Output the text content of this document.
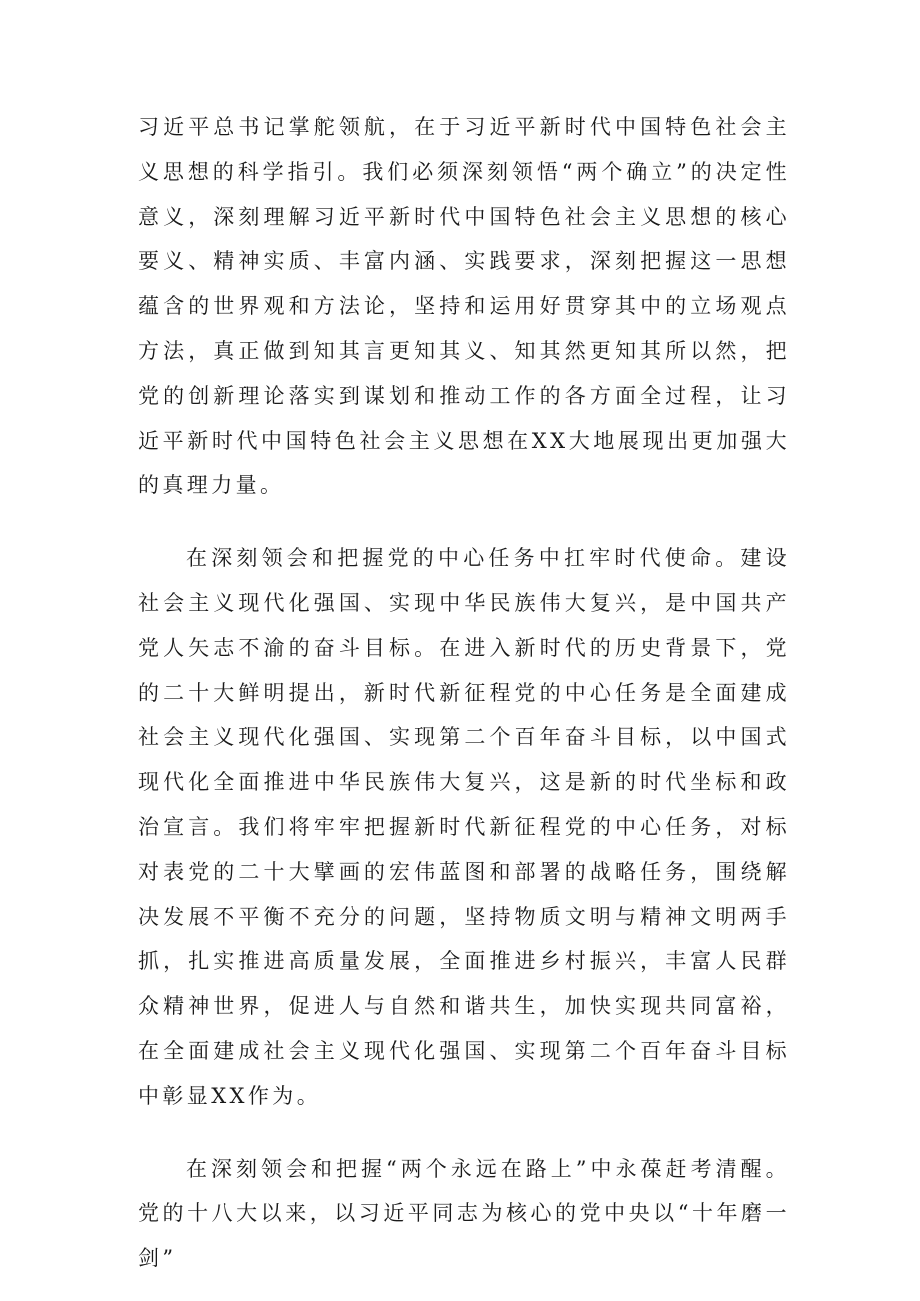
习近平总书记掌舵领航，在于习近平新时代中国特色社会主义思想的科学指引。我们必须深刻领悟“两个确立”的决定性意义，深刻理解习近平新时代中国特色社会主义思想的核心要义、精神实质、丰富内涵、实践要求，深刻把握这一思想蕴含的世界观和方法论，坚持和运用好贯穿其中的立场观点方法，真正做到知其言更知其义、知其然更知其所以然，把党的创新理论落实到谋划和推动工作的各方面全过程，让习近平新时代中国特色社会主义思想在XX大地展现出更加强大的真理力量。

在深刻领会和把握党的中心任务中扛牢时代使命。建设社会主义现代化强国、实现中华民族伟大复兴，是中国共产党人矢志不渝的奋斗目标。在进入新时代的历史背景下，党的二十大鲜明提出，新时代新征程党的中心任务是全面建成社会主义现代化强国、实现第二个百年奋斗目标，以中国式现代化全面推进中华民族伟大复兴，这是新的时代坐标和政治宣言。我们将牢牢把握新时代新征程党的中心任务，对标对表党的二十大擘画的宏伟蓝图和部署的战略任务，围绕解决发展不平衡不充分的问题，坚持物质文明与精神文明两手抓，扎实推进高质量发展，全面推进乡村振兴，丰富人民群众精神世界，促进人与自然和谐共生，加快实现共同富裕，在全面建成社会主义现代化强国、实现第二个百年奋斗目标中彰显XX作为。

在深刻领会和把握“两个永远在路上”中永葆赶考清醒。党的十八大以来，以习近平同志为核心的党中央以“十年磨一剑”
